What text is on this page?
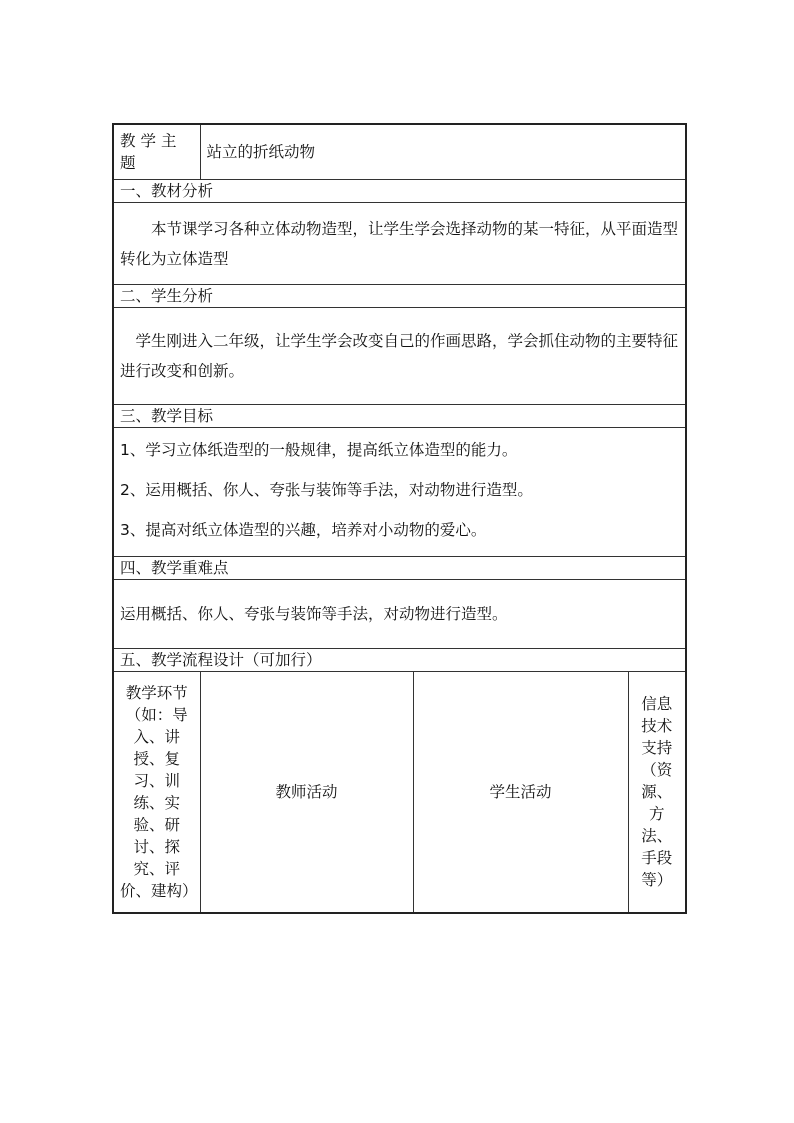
教学主题	站立的折纸动物		
一、教材分析			

本节课学习各种立体动物造型，让学生学会选择动物的某一特征，从平面造型转化为立体造型			

二、学生分析			

学生刚进入二年级，让学生学会改变自己的作画思路，学会抓住动物的主要特征进行改变和创新。			

三、教学目标			

1、学习立体纸造型的一般规律，提高纸立体造型的能力。

2、运用概括、你人、夸张与装饰等手法，对动物进行造型。

3、提高对纸立体造型的兴趣，培养对小动物的爱心。			

四、教学重难点			
运用概括、你人、夸张与装饰等手法，对动物进行造型。			
五、教学流程设计（可加行）			
教学环节（如：导入、讲授、复习、训练、实验、研讨、探究、评价、建构）	教师活动	学生活动	信息技术支持（资源、方法、手段等）
